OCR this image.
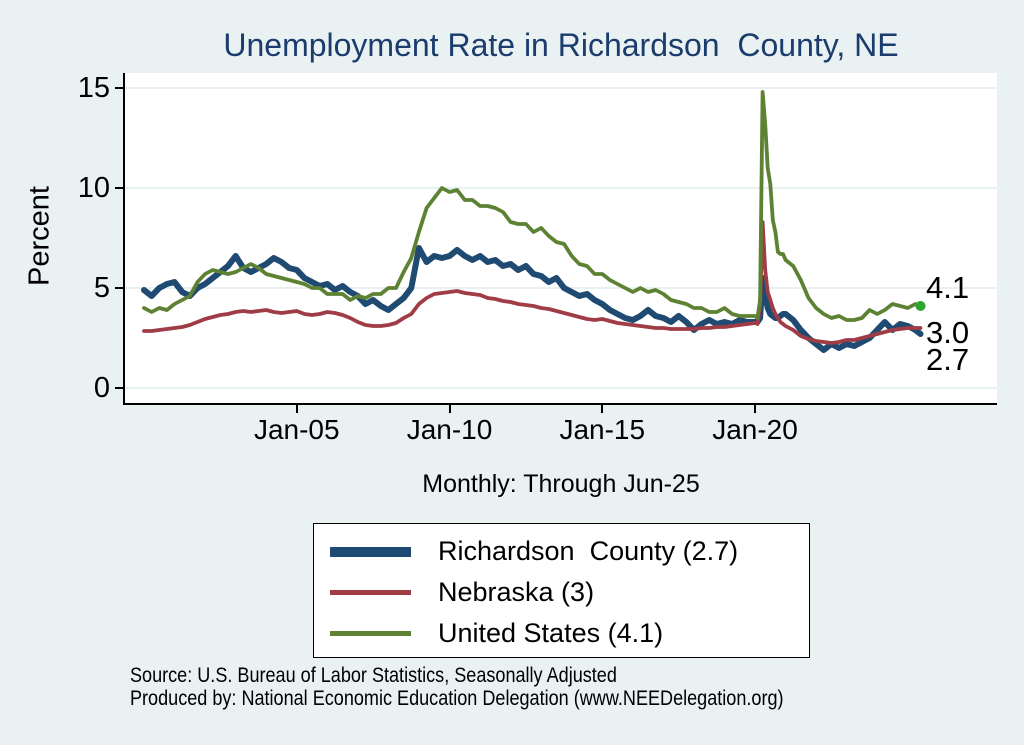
Unemployment Rate in Richardson  County, NE
Percent
0
5
10
15
Jan-05	Jan-10	Jan-15	Jan-20
4.1
3.0
2.7
Monthly: Through Jun-25
Richardson  County (2.7)
Nebraska (3)
United States (4.1)
Source: U.S. Bureau of Labor Statistics, Seasonally Adjusted
Produced by: National Economic Education Delegation (www.NEEDelegation.org)
